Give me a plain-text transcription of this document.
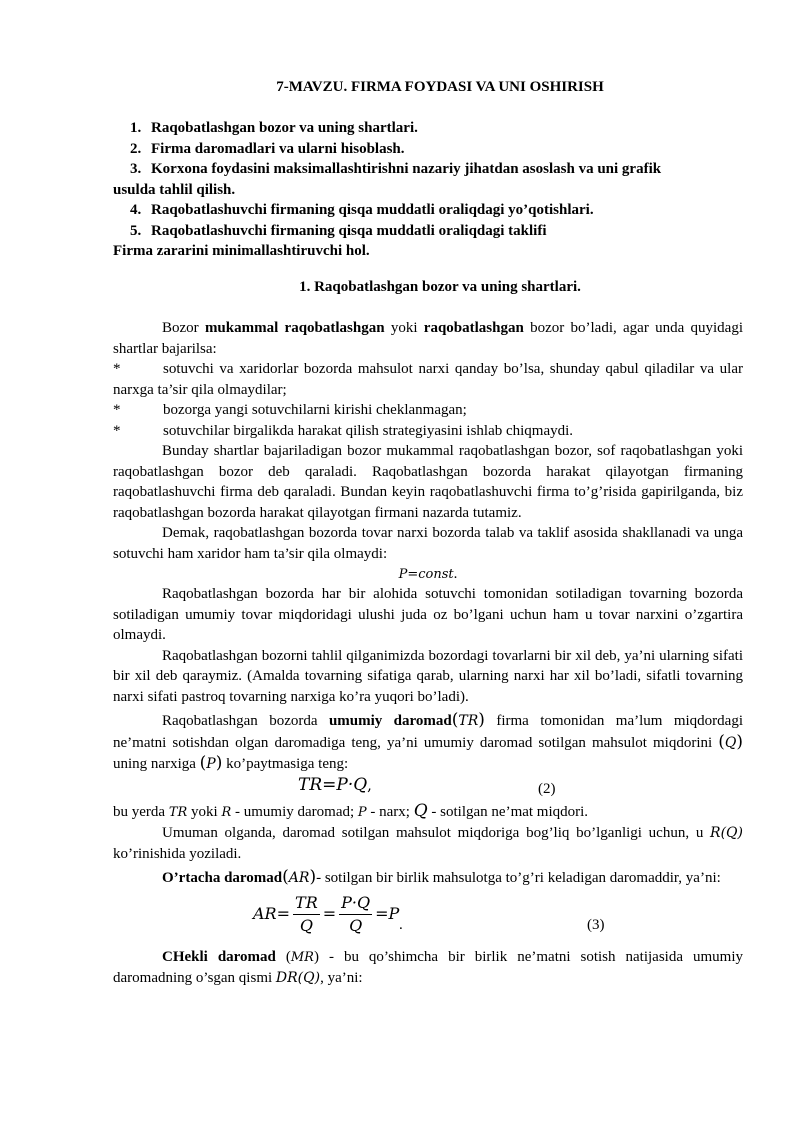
7-MAVZU. FIRMA FOYDASI VA UNI OSHIRISH
1. Raqobatlashgan bozor va uning shartlari.
2. Firma daromadlari va ularni hisoblash.
3. Korxona foydasini maksimallashtirishni nazariy jihatdan asoslash va uni grafik
usulda tahlil qilish.
4. Raqobatlashuvchi firmaning qisqa muddatli oraliqdagi yo’qotishlari.
5. Raqobatlashuvchi firmaning qisqa muddatli oraliqdagi taklifi
Firma zararini minimallashtiruvchi hol.
1. Raqobatlashgan bozor va uning shartlari.

Bozor mukammal raqobatlashgan yoki raqobatlashgan bozor bo’ladi, agar unda quyidagi shartlar bajarilsa:

*	sotuvchi va xaridorlar bozorda mahsulot narxi qanday bo’lsa, shunday qabul qiladilar va ular narxga ta’sir qila olmaydilar;

*	bozorga yangi sotuvchilarni kirishi cheklanmagan;

*	sotuvchilar birgalikda harakat qilish strategiyasini ishlab chiqmaydi.

Bunday shartlar bajariladigan bozor mukammal raqobatlashgan bozor, sof raqobatlashgan yoki raqobatlashgan bozor deb qaraladi. Raqobatlashgan bozorda harakat qilayotgan firmaning raqobatlashuvchi firma deb qaraladi. Bundan keyin raqobatlashuvchi firma to’g’risida gapirilganda, biz raqobatlashgan bozorda harakat qilayotgan firmani nazarda tutamiz.

Demak, raqobatlashgan bozorda tovar narxi bozorda talab va taklif asosida shakllanadi va unga sotuvchi ham xaridor ham ta’sir qila olmaydi:

P=const.

Raqobatlashgan bozorda har bir alohida sotuvchi tomonidan sotiladigan tovarning bozorda sotiladigan umumiy tovar miqdoridagi ulushi juda oz bo’lgani uchun ham u tovar narxini o’zgartira olmaydi.

Raqobatlashgan bozorni tahlil qilganimizda bozordagi tovarlarni bir xil deb, ya’ni ularning sifati bir xil deb qaraymiz. (Amalda tovarning sifatiga qarab, ularning narxi har xil bo’ladi, sifatli tovarning narxi sifati pastroq tovarning narxiga ko’ra yuqori bo’ladi).

Raqobatlashgan bozorda umumiy daromad(TR) firma tomonidan ma’lum miqdordagi ne’matni sotishdan olgan daromadiga teng, ya’ni umumiy daromad sotilgan mahsulot miqdorini (Q) uning narxiga (P) ko’paytmasiga teng:

TR=P·Q,	(2)

bu yerda TR yoki R - umumiy daromad; P - narx; Q - sotilgan ne’mat miqdori.

Umuman olganda, daromad sotilgan mahsulot miqdoriga bog’liq bo’lganligi uchun, u R(Q) ko’rinishida yoziladi.

O’rtacha daromad(AR)- sotilgan bir birlik mahsulotga to’g’ri keladigan daromaddir, ya’ni:

$AR= \frac{TR}{Q} = \frac{P\cdot Q}{Q} =P$
.	(3)

CHekli daromad (MR) - bu qo’shimcha bir birlik ne’matni sotish natijasida umumiy daromadning o’sgan qismi DR(Q), ya’ni:
